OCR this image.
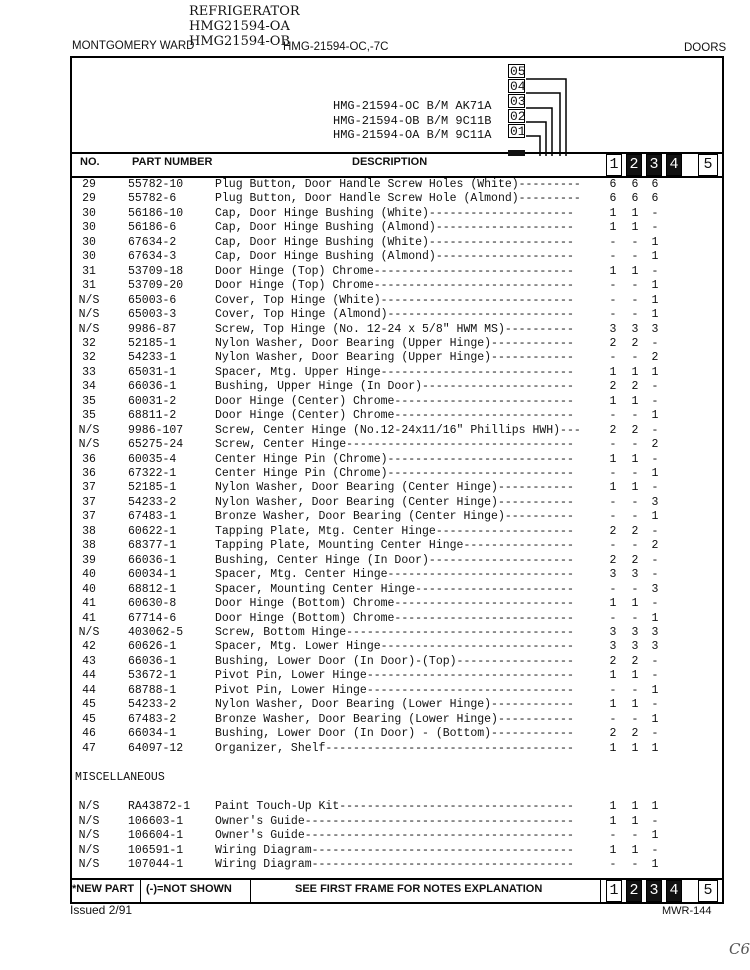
REFRIGERATOR
HMG21594-OA
HMG21594-OB
HMG-21594-OC,-7C
MONTGOMERY WARD	DOORS
HMG-21594-OC B/M AK71A
HMG-21594-OB B/M 9C11B
HMG-21594-OA B/M 9C11A
05
04
03
02
01
NO.	PART NUMBER	DESCRIPTION	1 2 3 4	5
29	55782-10	Plug Button, Door Handle Screw Holes (White)---------	6 6 6
29	55782-6	Plug Button, Door Handle Screw Hole (Almond)---------	6 6 6
30	56186-10	Cap, Door Hinge Bushing (White)---------------------	1 1 -
30	56186-6	Cap, Door Hinge Bushing (Almond)--------------------	1 1 -
30	67634-2	Cap, Door Hinge Bushing (White)---------------------	- - 1
30	67634-3	Cap, Door Hinge Bushing (Almond)--------------------	- - 1
31	53709-18	Door Hinge (Top) Chrome-----------------------------	1 1 -
31	53709-20	Door Hinge (Top) Chrome-----------------------------	- - 1
N/S	65003-6	Cover, Top Hinge (White)----------------------------	- - 1
N/S	65003-3	Cover, Top Hinge (Almond)---------------------------	- - 1
N/S	9986-87	Screw, Top Hinge (No. 12-24 x 5/8" HWM MS)----------	3 3 3
32	52185-1	Nylon Washer, Door Bearing (Upper Hinge)------------	2 2 -
32	54233-1	Nylon Washer, Door Bearing (Upper Hinge)------------	- - 2
33	65031-1	Spacer, Mtg. Upper Hinge----------------------------	1 1 1
34	66036-1	Bushing, Upper Hinge (In Door)----------------------	2 2 -
35	60031-2	Door Hinge (Center) Chrome--------------------------	1 1 -
35	68811-2	Door Hinge (Center) Chrome--------------------------	- - 1
N/S	9986-107	Screw, Center Hinge (No.12-24x11/16" Phillips HWH)---	2 2 -
N/S	65275-24	Screw, Center Hinge---------------------------------	- - 2
36	60035-4	Center Hinge Pin (Chrome)---------------------------	1 1 -
36	67322-1	Center Hinge Pin (Chrome)---------------------------	- - 1
37	52185-1	Nylon Washer, Door Bearing (Center Hinge)-----------	1 1 -
37	54233-2	Nylon Washer, Door Bearing (Center Hinge)-----------	- - 3
37	67483-1	Bronze Washer, Door Bearing (Center Hinge)----------	- - 1
38	60622-1	Tapping Plate, Mtg. Center Hinge--------------------	2 2 -
38	68377-1	Tapping Plate, Mounting Center Hinge----------------	- - 2
39	66036-1	Bushing, Center Hinge (In Door)---------------------	2 2 -
40	60034-1	Spacer, Mtg. Center Hinge---------------------------	3 3 -
40	68812-1	Spacer, Mounting Center Hinge-----------------------	- - 3
41	60630-8	Door Hinge (Bottom) Chrome--------------------------	1 1 -
41	67714-6	Door Hinge (Bottom) Chrome--------------------------	- - 1
N/S	403062-5	Screw, Bottom Hinge---------------------------------	3 3 3
42	60626-1	Spacer, Mtg. Lower Hinge----------------------------	3 3 3
43	66036-1	Bushing, Lower Door (In Door)-(Top)-----------------	2 2 -
44	53672-1	Pivot Pin, Lower Hinge------------------------------	1 1 -
44	68788-1	Pivot Pin, Lower Hinge------------------------------	- - 1
45	54233-2	Nylon Washer, Door Bearing (Lower Hinge)------------	1 1 -
45	67483-2	Bronze Washer, Door Bearing (Lower Hinge)-----------	- - 1
46	66034-1	Bushing, Lower Door (In Door) - (Bottom)------------	2 2 -
47	64097-12	Organizer, Shelf------------------------------------	1 1 1
MISCELLANEOUS
N/S	RA43872-1 Paint Touch-Up Kit----------------------------------	1 1 1
N/S	106603-1	Owner's Guide---------------------------------------	1 1 -
N/S	106604-1	Owner's Guide---------------------------------------	- - 1
N/S	106591-1	Wiring Diagram--------------------------------------	1 1 -
N/S	107044-1	Wiring Diagram--------------------------------------	- - 1
*NEW PART (-)=NOT SHOWN	SEE FIRST FRAME FOR NOTES EXPLANATION	1 2 3 4	5
Issued 2/91	MWR-144
C6
